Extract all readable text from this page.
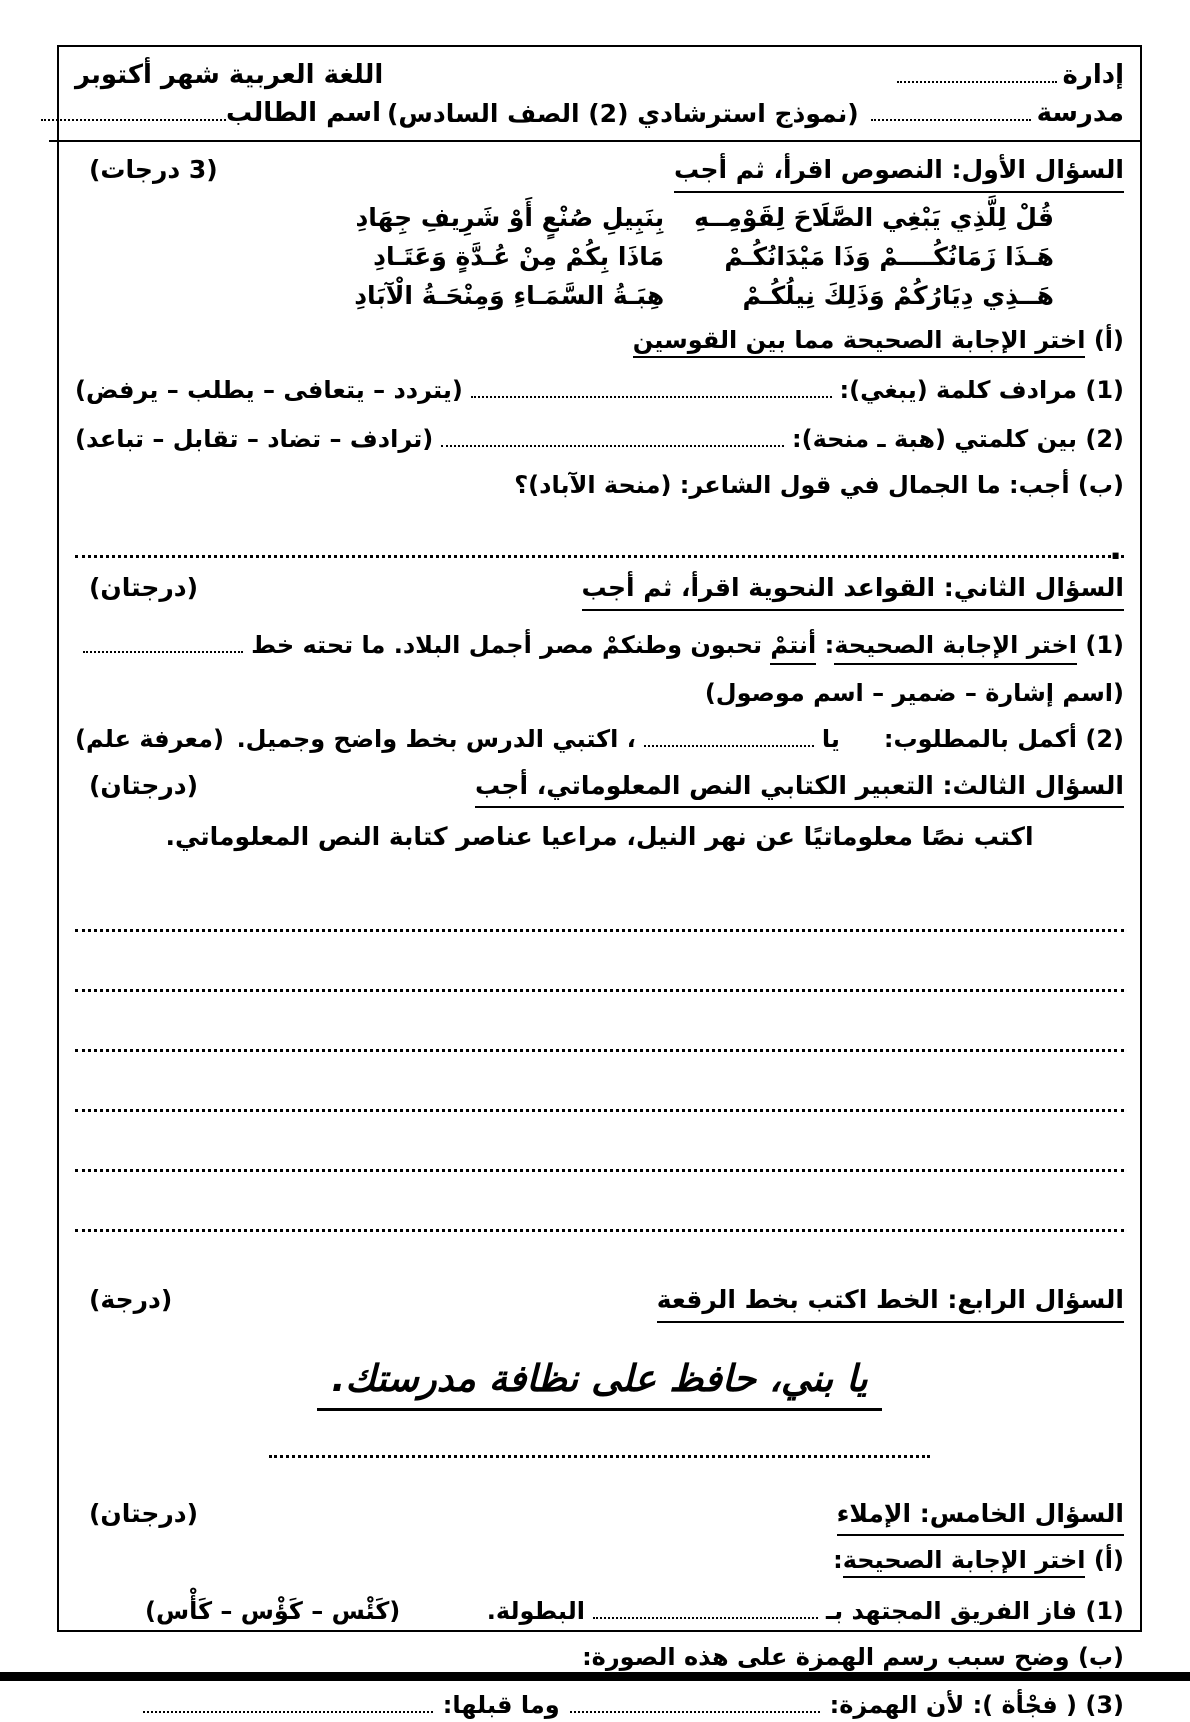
إدارة
اللغة العربية شهر أكتوبر
مدرسة
(نموذج استرشادي (2) الصف السادس)
اسم الطالب
السؤال الأول: النصوص اقرأ، ثم أجب
(3 درجات)
قُلْ لِلَّذِي يَبْغِي الصَّلَاحَ لِقَوْمِــهِ
بِنَبِيلِ صُنْعٍ أَوْ شَرِيفِ جِهَادِ
هَـذَا زَمَانُكُــــمْ وَذَا مَيْدَانُكُـمْ
مَاذَا بِكُمْ مِنْ عُـدَّةٍ وَعَتَـادِ
هَــذِي دِيَارُكُمْ وَذَلِكَ نِيلُكُـمْ
هِبَـةُ السَّمَـاءِ وَمِنْحَـةُ الْآبَادِ
(أ) اختر الإجابة الصحيحة مما بين القوسين
(1)

مرادف كلمة (يبغي):
(يتردد – يتعافى – يطلب – يرفض)
(2)

بين كلمتي (هبة ـ منحة):
(ترادف – تضاد – تقابل – تباعد)
(ب) أجب: ما الجمال في قول الشاعر: (منحة الآباد)؟
.
السؤال الثاني: القواعد النحوية اقرأ، ثم أجب
(درجتان)
(1)

اختر الإجابة الصحيحة
:

أنتمْ

تحبون وطنكمْ مصر أجمل البلاد. ما تحته خط
(اسم إشارة – ضمير – اسم موصول)
(2)

أكمل بالمطلوب:
يا
، اكتبي الدرس بخط واضح وجميل.
(معرفة علم)
السؤال الثالث: التعبير الكتابي النص المعلوماتي، أجب
(درجتان)
اكتب نصًا معلوماتيًا عن نهر النيل، مراعيا عناصر كتابة النص المعلوماتي.
السؤال الرابع: الخط اكتب بخط الرقعة
(درجة)
يا بني، حافظ على نظافة مدرستك.
السؤال الخامس: الإملاء
(درجتان)
(أ) اختر الإجابة الصحيحة:
(1)

فاز الفريق المجتهد بـ
البطولة.
(كَئْس – كَؤْس – كَأْس)
(ب) وضح سبب رسم الهمزة على هذه الصورة:
(3)

( فجْأة ):

لأن الهمزة:
وما قبلها:
